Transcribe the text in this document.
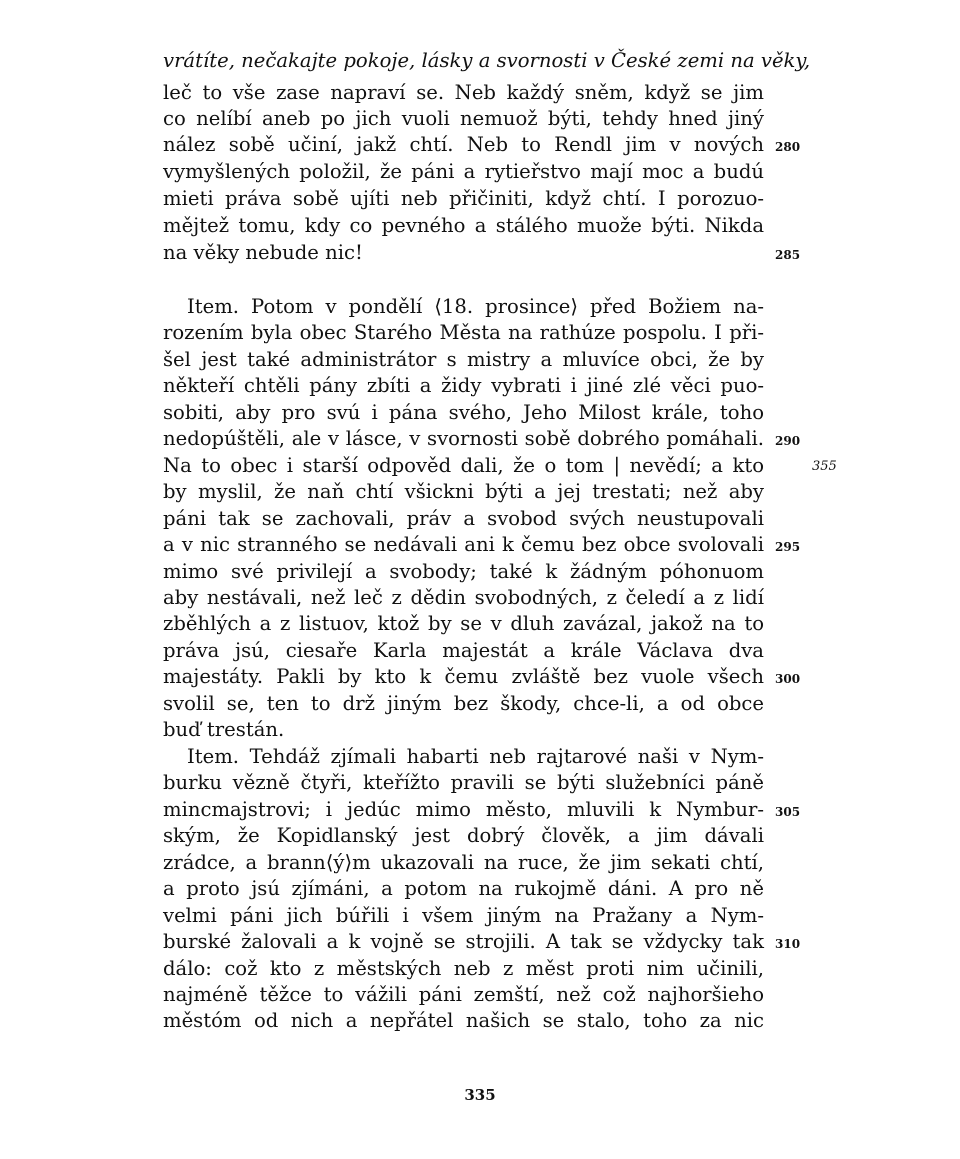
vrátíte, nečakajte pokoje, lásky a svornosti v České zemi na věky,
leč to vše zase napraví se. Neb každý sněm, když se jim
co nelíbí aneb po jich vuoli nemuož býti, tehdy hned jiný
nález sobě učiní, jakž chtí. Neb to Rendl jim v nových
vymyšlených položil, že páni a rytieřstvo mají moc a budú
mieti práva sobě ujíti neb přičiniti, když chtí. I porozuo-
mějtež tomu, kdy co pevného a stálého muože býti. Nikda
na věky nebude nic!
Item. Potom v pondělí ⟨18. prosince⟩ před Božiem na-
rozením byla obec Starého Města na rathúze pospolu. I při-
šel jest také administrátor s mistry a mluvíce obci, že by
někteří chtěli pány zbíti a židy vybrati i jiné zlé věci puo-
sobiti, aby pro svú i pána svého, Jeho Milost krále, toho
nedopúštěli, ale v lásce, v svornosti sobě dobrého pomáhali.
Na to obec i starší odpověd dali, že o tom | nevědí; a kto
by myslil, že naň chtí všickni býti a jej trestati; než aby
páni tak se zachovali, práv a svobod svých neustupovali
a v nic stranného se nedávali ani k čemu bez obce svolovali
mimo své privilejí a svobody; také k žádným póhonuom
aby nestávali, než leč z dědin svobodných, z čeledí a z lidí
zběhlých a z listuov, ktož by se v dluh zavázal, jakož na to
práva jsú, ciesaře Karla majestát a krále Václava dva
majestáty. Pakli by kto k čemu zvláště bez vuole všech
svolil se, ten to drž jiným bez škody, chce-li, a od obce
buď trestán.
Item. Tehdáž zjímali habarti neb rajtarové naši v Nym-
burku vězně čtyři, kteřížto pravili se býti služebníci páně
mincmajstrovi; i jedúc mimo město, mluvili k Nymbur-
ským, že Kopidlanský jest dobrý člověk, a jim dávali
zrádce, a brann⟨ý⟩m ukazovali na ruce, že jim sekati chtí,
a proto jsú zjímáni, a potom na rukojmě dáni. A pro ně
velmi páni jich búřili i všem jiným na Pražany a Nym-
burské žalovali a k vojně se strojili. A tak se vždycky tak
dálo: což kto z městských neb z měst proti nim učinili,
najméně těžce to vážili páni zemští, než což najhoršieho
městóm od nich a nepřátel našich se stalo, toho za nic
280
285
290
355
295
300
305
310
335
